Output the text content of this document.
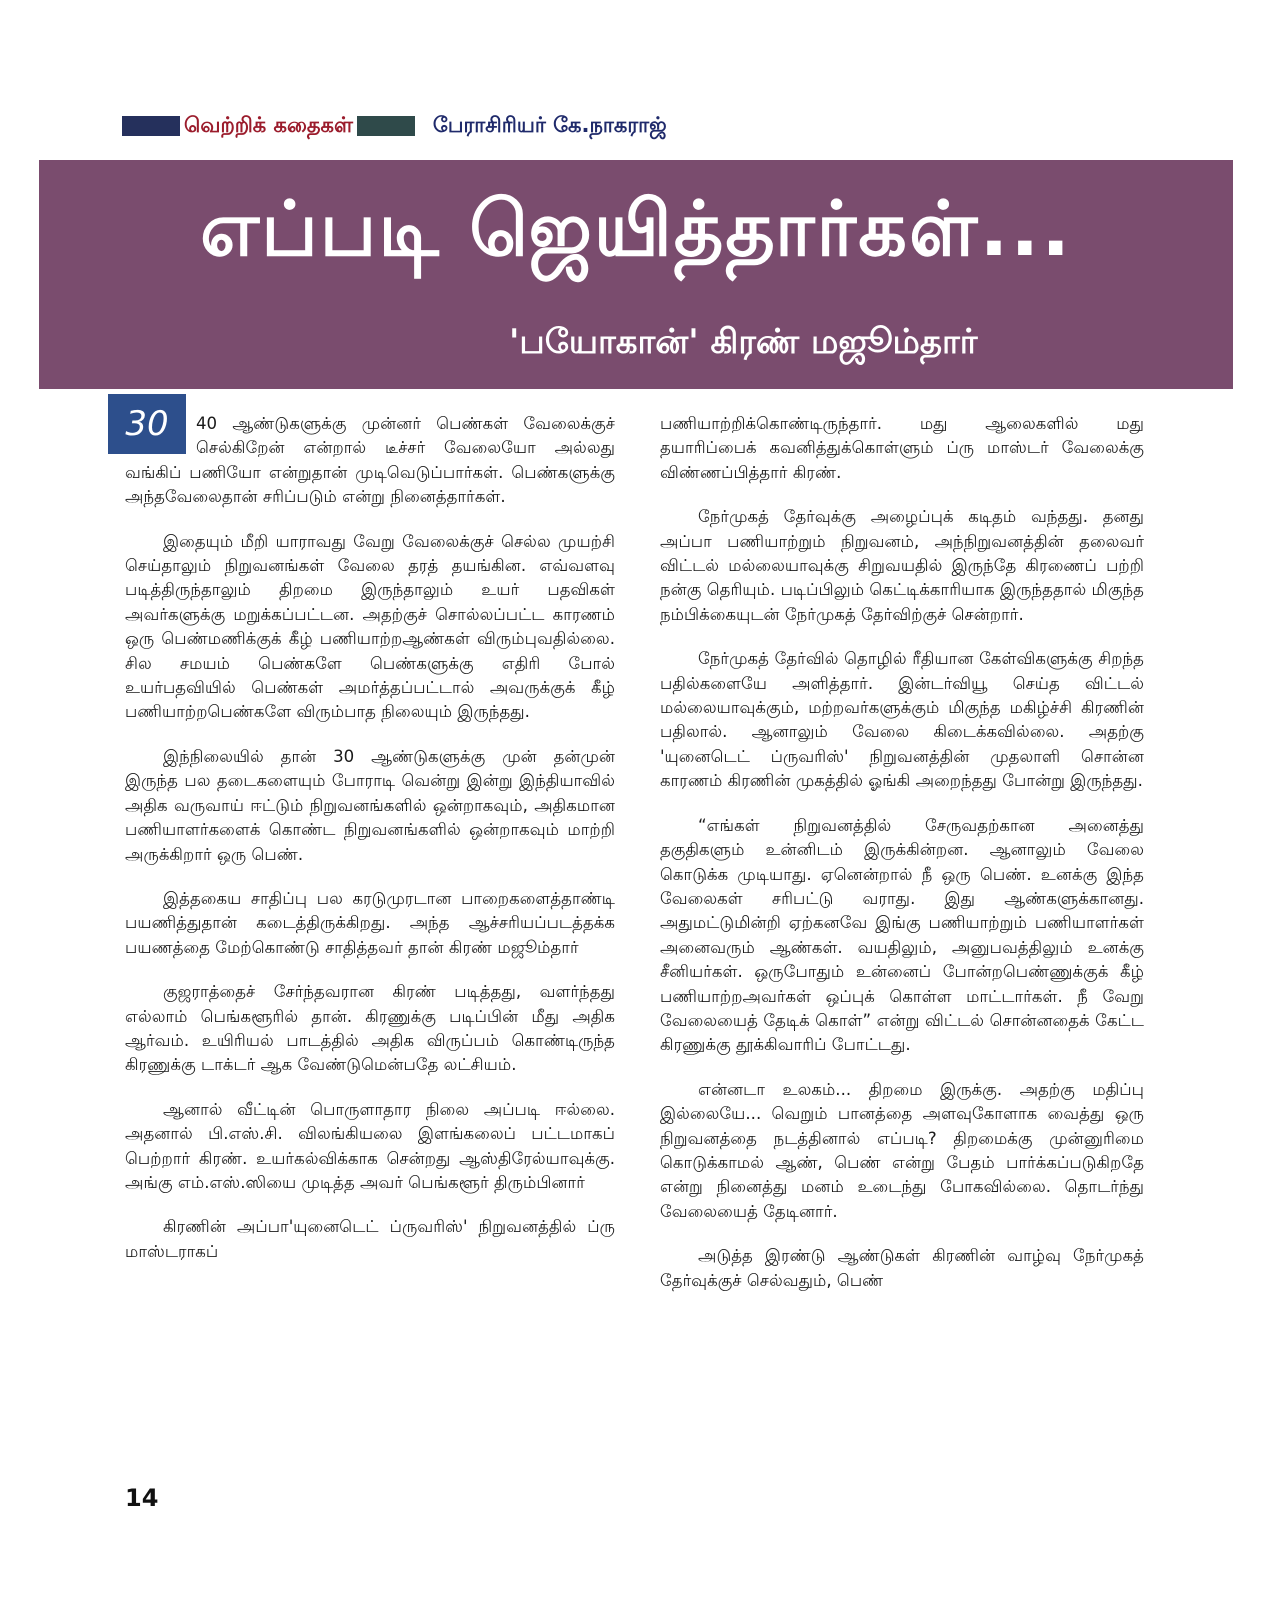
வெற்றிக் கதைகள்	பேராசிரியர் கே.நாகராஜ்
எப்படி ஜெயித்தார்கள்...
'பயோகான்' கிரண் மஜூம்தார்

30	40 ஆண்டுகளுக்கு முன்னர் பெண்கள் வேலைக்குச் செல்கிறேன் என்றால் டீச்சர் வேலையோ அல்லது வங்கிப் பணியோ என்றுதான் முடிவெடுப்பார்கள். பெண்களுக்கு அந்தவேலைதான் சரிப்படும் என்று நினைத்தார்கள்.

இதையும் மீறி யாராவது வேறு வேலைக்குச் செல்ல முயற்சி செய்தாலும் நிறுவனங்கள் வேலை தரத் தயங்கின. எவ்வளவு படித்திருந்தாலும் திறமை இருந்தாலும் உயர் பதவிகள் அவர்களுக்கு மறுக்கப்பட்டன. அதற்குச் சொல்லப்பட்ட காரணம் ஒரு பெண்மணிக்குக் கீழ் பணியாற்றஆண்கள் விரும்புவதில்லை. சில சமயம் பெண்களே பெண்களுக்கு எதிரி போல் உயர்பதவியில் பெண்கள் அமர்த்தப்பட்டால் அவருக்குக் கீழ் பணியாற்றபெண்களே விரும்பாத நிலையும் இருந்தது.

இந்நிலையில் தான் 30 ஆண்டுகளுக்கு முன் தன்முன் இருந்த பல தடைகளையும் போராடி வென்று இன்று இந்தியாவில் அதிக வருவாய் ஈட்டும் நிறுவனங்களில் ஒன்றாகவும், அதிகமான பணியாளர்களைக் கொண்ட நிறுவனங்களில் ஒன்றாகவும் மாற்றி அருக்கிறார் ஒரு பெண்.

இத்தகைய சாதிப்பு பல கரடுமுரடான பாறைகளைத்தாண்டி பயணித்துதான் கடைத்திருக்கிறது. அந்த ஆச்சரியப்படத்தக்க பயணத்தை மேற்கொண்டு சாதித்தவர் தான் கிரண் மஜூம்தார்

குஜராத்தைச் சேர்ந்தவரான கிரண் படித்தது, வளர்ந்தது எல்லாம் பெங்களூரில் தான். கிரணுக்கு படிப்பின் மீது அதிக ஆர்வம். உயிரியல் பாடத்தில் அதிக விருப்பம் கொண்டிருந்த கிரணுக்கு டாக்டர் ஆக வேண்டுமென்பதே லட்சியம்.

ஆனால் வீட்டின் பொருளாதார நிலை அப்படி ஈல்லை. அதனால் பி.எஸ்.சி. விலங்கியலை இளங்கலைப் பட்டமாகப் பெற்றார் கிரண். உயர்கல்விக்காக சென்றது ஆஸ்திரேல்யாவுக்கு. அங்கு எம்.எஸ்.ஸியை முடித்த அவர் பெங்களூர் திரும்பினார்

கிரணின் அப்பா'யுனைடெட் ப்ருவரிஸ்' நிறுவனத்தில் ப்ரு மாஸ்டராகப்

பணியாற்றிக்கொண்டிருந்தார். மது ஆலைகளில் மது தயாரிப்பைக் கவனித்துக்கொள்ளும் ப்ரு மாஸ்டர் வேலைக்கு விண்ணப்பித்தார் கிரண்.

நேர்முகத் தேர்வுக்கு அழைப்புக் கடிதம் வந்தது. தனது அப்பா பணியாற்றும் நிறுவனம், அந்நிறுவனத்தின் தலைவர் விட்டல் மல்லையாவுக்கு சிறுவயதில் இருந்தே கிரணைப் பற்றி நன்கு தெரியும். படிப்பிலும் கெட்டிக்காரியாக இருந்ததால் மிகுந்த நம்பிக்கையுடன் நேர்முகத் தேர்விற்குச் சென்றார்.

நேர்முகத் தேர்வில் தொழில் ரீதியான கேள்விகளுக்கு சிறந்த பதில்களையே அளித்தார். இன்டர்வியூ செய்த விட்டல் மல்லையாவுக்கும், மற்றவர்களுக்கும் மிகுந்த மகிழ்ச்சி கிரணின் பதிலால். ஆனாலும் வேலை கிடைக்கவில்லை. அதற்கு 'யுனைடெட் ப்ருவரிஸ்' நிறுவனத்தின் முதலாளி சொன்ன காரணம் கிரணின் முகத்தில் ஓங்கி அறைந்தது போன்று இருந்தது.

“எங்கள் நிறுவனத்தில் சேருவதற்கான அனைத்து தகுதிகளும் உன்னிடம் இருக்கின்றன. ஆனாலும் வேலை கொடுக்க முடியாது. ஏனென்றால் நீ ஒரு பெண். உனக்கு இந்த வேலைகள் சரிபட்டு வராது. இது ஆண்களுக்கானது. அதுமட்டுமின்றி ஏற்கனவே இங்கு பணியாற்றும் பணியாளர்கள் அனைவரும் ஆண்கள். வயதிலும், அனுபவத்திலும் உனக்கு சீனியர்கள். ஒருபோதும் உன்னைப் போன்றபெண்ணுக்குக் கீழ் பணியாற்றஅவர்கள் ஒப்புக் கொள்ள மாட்டார்கள். நீ வேறு வேலையைத் தேடிக் கொள்” என்று விட்டல் சொன்னதைக் கேட்ட கிரணுக்கு தூக்கிவாரிப் போட்டது.

என்னடா உலகம்... திறமை இருக்கு. அதற்கு மதிப்பு இல்லையே... வெறும் பானத்தை அளவுகோளாக வைத்து ஒரு நிறுவனத்தை நடத்தினால் எப்படி? திறமைக்கு முன்னுரிமை கொடுக்காமல் ஆண், பெண் என்று பேதம் பார்க்கப்படுகிறதே என்று நினைத்து மனம் உடைந்து போகவில்லை. தொடர்ந்து வேலையைத் தேடினார்.

அடுத்த இரண்டு ஆண்டுகள் கிரணின் வாழ்வு நேர்முகத் தேர்வுக்குச் செல்வதும், பெண்

14
